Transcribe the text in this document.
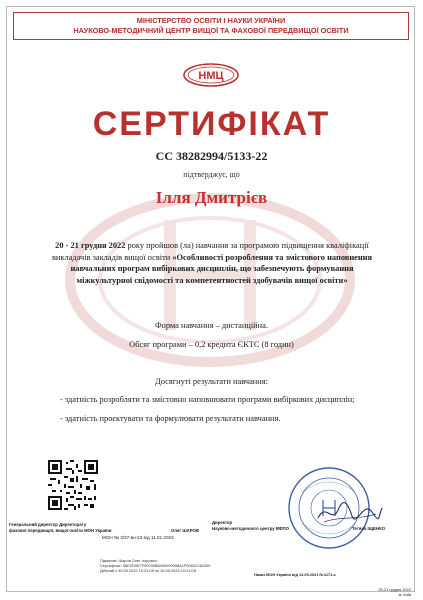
МІНІСТЕРСТВО ОСВІТИ І НАУКИ УКРАЇНИ
НАУКОВО-МЕТОДИЧНИЙ ЦЕНТР ВИЩОЇ ТА ФАХОВОЇ ПЕРЕДВИЩОЇ ОСВІТИ
НМЦ
СЕРТИФІКАТ
CC 38282994/5133-22
підтверджує, що
Ілля Дмитрієв
20 - 21 грудня 2022 року пройшов (ла) навчання за програмою підвищення кваліфікації викладачів закладів вищої освіти «Особливості розроблення та змістового наповнення навчальних програм вибіркових дисциплін, що забезпечують формування міжкультурної свідомості та компетентностей здобувачів вищої освіти»
Форма навчання – дистанційна.
Обсяг програми – 0,2 кредита ЄКТС (8 годин)
Досягнуті результати навчання:
- здатність розробляти та змістовно наповнювати програми вибіркових дисциплін;
- здатність проєктувати та формулювати результати навчання.
Генеральний директор Директорату
фахової передвищої, вищої освіти МОН України	Олег ШАРОВ
Директор
Науково-методичного центру ВФПО	Тетяна ІЩЕНКО
МОН № 3/37-вн-23 від 11.01.2023
Підписав: Шаров Олег Ігорович
Сертифікат: 58E2D9E7F90030B8400000058A1F00DDC4A300
Дійсний з 30.05.2022 10:21:08 по 30.05.2024 10:21:08
Наказ МОН України від 13.09.2021 №1171-к
20-21 грудня 2022
м. Київ
